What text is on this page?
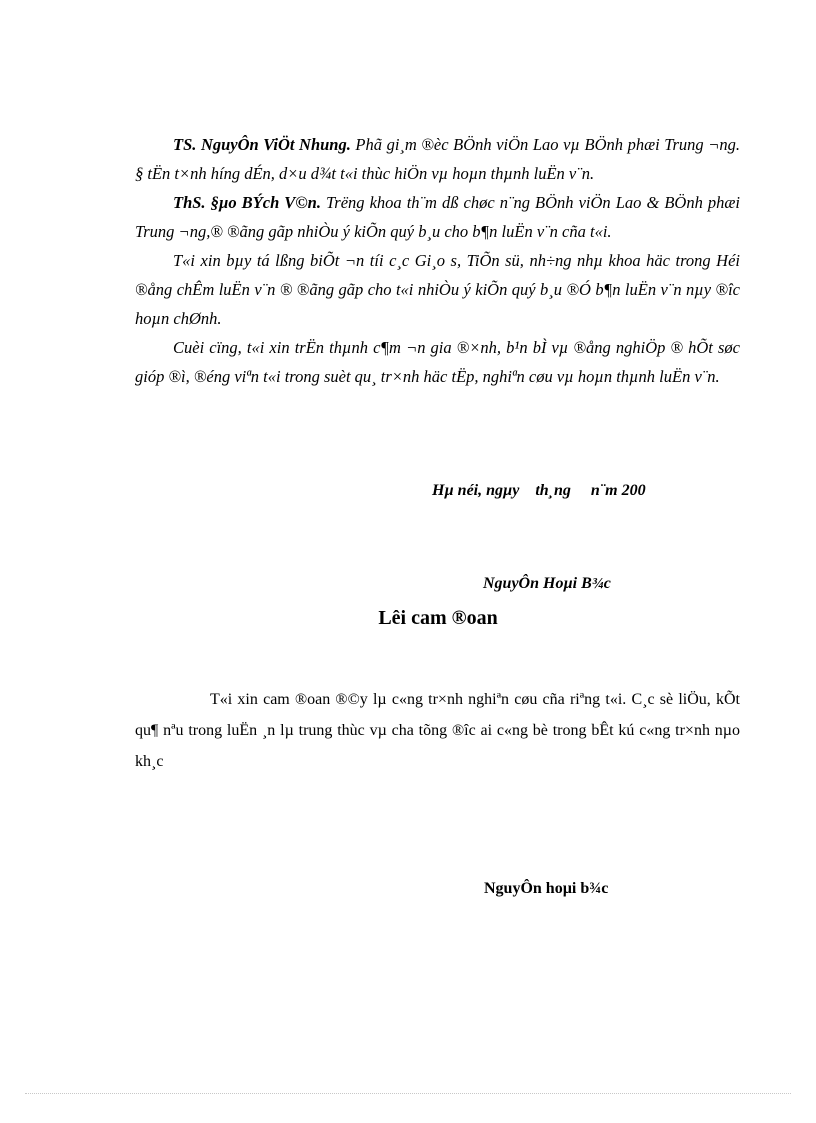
TS. NguyÔn ViÖt Nhung. Phã gi¸m ®èc BÖnh viÖn Lao vµ BÖnh phæi Trung ¬ng. § tËn t×nh híng dÉn, d×u d¾t t«i thùc hiÖn vµ hoµn thµnh luËn v¨n.

ThS. §µo BÝch V©n. Trëng khoa th¨m dß chøc n¨ng BÖnh viÖn Lao & BÖnh phæi Trung ¬ng,® ®ãng gãp nhiÒu ý kiÕn quý b¸u cho b¶n luËn v¨n cña t«i.

T«i xin bµy tá lßng biÕt ¬n tíi c¸c Gi¸o s, TiÕn sü, nh÷ng nhµ khoa häc trong Héi ®ång chÊm luËn v¨n ® ®ãng gãp cho t«i nhiÒu ý kiÕn quý b¸u ®Ó b¶n luËn v¨n nµy ®îc hoµn chØnh.

Cuèi cïng, t«i xin trËn thµnh c¶m ¬n gia ®×nh, b¹n bÌ vµ ®ång nghiÖp ® hÕt søc gióp ®ì, ®éng viªn t«i trong suèt qu¸ tr×nh häc tËp, nghiªn cøu vµ hoµn thµnh luËn v¨n.

Hµ néi, ngµy    th¸ng     n¨m 200
NguyÔn Hoµi B¾c
Lêi cam ®oan

T«i xin cam ®oan ®©y lµ c«ng tr×nh nghiªn cøu cña riªng t«i. C¸c sè liÖu, kÕt qu¶ nªu trong luËn ¸n lµ trung thùc vµ cha tõng ®îc ai c«ng bè trong bÊt kú c«ng tr×nh nµo kh¸c

NguyÔn hoµi b¾c
